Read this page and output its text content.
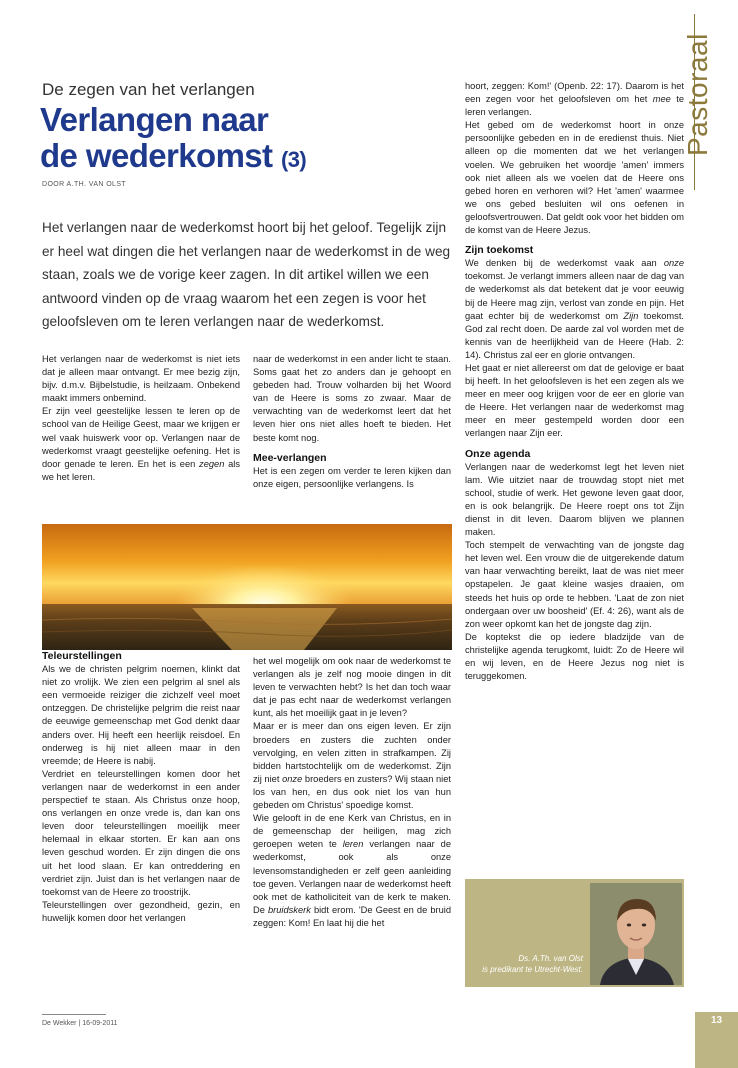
Pastoraal
De zegen van het verlangen
Verlangen naar
de wederkomst (3)
DOOR A.TH. VAN OLST
Het verlangen naar de wederkomst hoort bij het geloof. Tegelijk zijn er heel wat dingen die het verlangen naar de wederkomst in de weg staan, zoals we de vorige keer zagen. In dit artikel willen we een antwoord vinden op de vraag waarom het een zegen is voor het geloofsleven om te leren verlangen naar de wederkomst.

Het verlangen naar de wederkomst is niet iets dat je alleen maar ontvangt. Er mee bezig zijn, bijv. d.m.v. Bijbelstudie, is heilzaam. Onbekend maakt immers onbemind.

Er zijn veel geestelijke lessen te leren op de school van de Heilige Geest, maar we krijgen er wel vaak huiswerk voor op. Verlangen naar de wederkomst vraagt geestelijke oefening. Het is door genade te leren. En het is een zegen als we het leren.

naar de wederkomst in een ander licht te staan. Soms gaat het zo anders dan je gehoopt en gebeden had. Trouw volharden bij het Woord van de Heere is soms zo zwaar. Maar de verwachting van de wederkomst leert dat het leven hier ons niet alles hoeft te bieden. Het beste komt nog.

Mee-verlangen

Het is een zegen om verder te leren kijken dan onze eigen, persoonlijke verlangens. Is

Teleurstellingen

Als we de christen pelgrim noemen, klinkt dat niet zo vrolijk. We zien een pelgrim al snel als een vermoeide reiziger die zichzelf veel moet ontzeggen. De christelijke pelgrim die reist naar de eeuwige gemeenschap met God denkt daar anders over. Hij heeft een heerlijk reisdoel. En onderweg is hij niet alleen maar in den vreemde; de Heere is nabij.

Verdriet en teleurstellingen komen door het verlangen naar de wederkomst in een ander perspectief te staan. Als Christus onze hoop, ons verlangen en onze vrede is, dan kan ons leven door teleurstellingen moeilijk meer helemaal in elkaar storten. Er kan aan ons leven geschud worden. Er zijn dingen die ons uit het lood slaan. Er kan ontreddering en verdriet zijn. Juist dan is het verlangen naar de toekomst van de Heere zo troostrijk.

Teleurstellingen over gezondheid, gezin, en huwelijk komen door het verlangen

het wel mogelijk om ook naar de wederkomst te verlangen als je zelf nog mooie dingen in dit leven te verwachten hebt? Is het dan toch waar dat je pas echt naar de wederkomst verlangen kunt, als het moeilijk gaat in je leven?

Maar er is meer dan ons eigen leven. Er zijn broeders en zusters die zuchten onder vervolging, en velen zitten in strafkampen. Zij bidden hartstochtelijk om de wederkomst. Zijn zij niet onze broeders en zusters? Wij staan niet los van hen, en dus ook niet los van hun gebeden om Christus' spoedige komst.

Wie gelooft in de ene Kerk van Christus, en in de gemeenschap der heiligen, mag zich geroepen weten te leren verlangen naar de wederkomst, ook als onze levensomstandigheden er zelf geen aanleiding toe geven. Verlangen naar de wederkomst heeft ook met de katholiciteit van de kerk te maken. De bruidskerk bidt erom. 'De Geest en de bruid zeggen: Kom! En laat hij die het

hoort, zeggen: Kom!' (Openb. 22: 17). Daarom is het een zegen voor het geloofsleven om het mee te leren verlangen.

Het gebed om de wederkomst hoort in onze persoonlijke gebeden en in de eredienst thuis. Niet alleen op die momenten dat we het verlangen voelen. We gebruiken het woordje 'amen' immers ook niet alleen als we voelen dat de Heere ons gebed horen en verhoren wil? Het 'amen' waarmee we ons gebed besluiten wil ons oefenen in geloofsvertrouwen. Dat geldt ook voor het bidden om de komst van de Heere Jezus.

Zijn toekomst

We denken bij de wederkomst vaak aan onze toekomst. Je verlangt immers alleen naar de dag van de wederkomst als dat betekent dat je voor eeuwig bij de Heere mag zijn, verlost van zonde en pijn. Het gaat echter bij de wederkomst om Zijn toekomst. God zal recht doen. De aarde zal vol worden met de kennis van de heerlijkheid van de Heere (Hab. 2: 14). Christus zal eer en glorie ontvangen.

Het gaat er niet allereerst om dat de gelovige er baat bij heeft. In het geloofsleven is het een zegen als we meer en meer oog krijgen voor de eer en glorie van de Heere. Het verlangen naar de wederkomst mag meer en meer gestempeld worden door een verlangen naar Zijn eer.

Onze agenda

Verlangen naar de wederkomst legt het leven niet lam. Wie uitziet naar de trouwdag stopt niet met school, studie of werk. Het gewone leven gaat door, en is ook belangrijk. De Heere roept ons tot Zijn dienst in dit leven. Daarom blijven we plannen maken.

Toch stempelt de verwachting van de jongste dag het leven wel. Een vrouw die de uitgerekende datum van haar verwachting bereikt, laat de was niet meer opstapelen. Je gaat kleine wasjes draaien, om steeds het huis op orde te hebben. 'Laat de zon niet ondergaan over uw boosheid' (Ef. 4: 26), want als de zon weer opkomt kan het de jongste dag zijn.

De koptekst die op iedere bladzijde van de christelijke agenda terugkomt, luidt: Zo de Heere wil en wij leven, en de Heere Jezus nog niet is teruggekomen.

Ds. A.Th. van Olst
is predikant te Utrecht-West.
De Wekker | 16-09-2011	13
